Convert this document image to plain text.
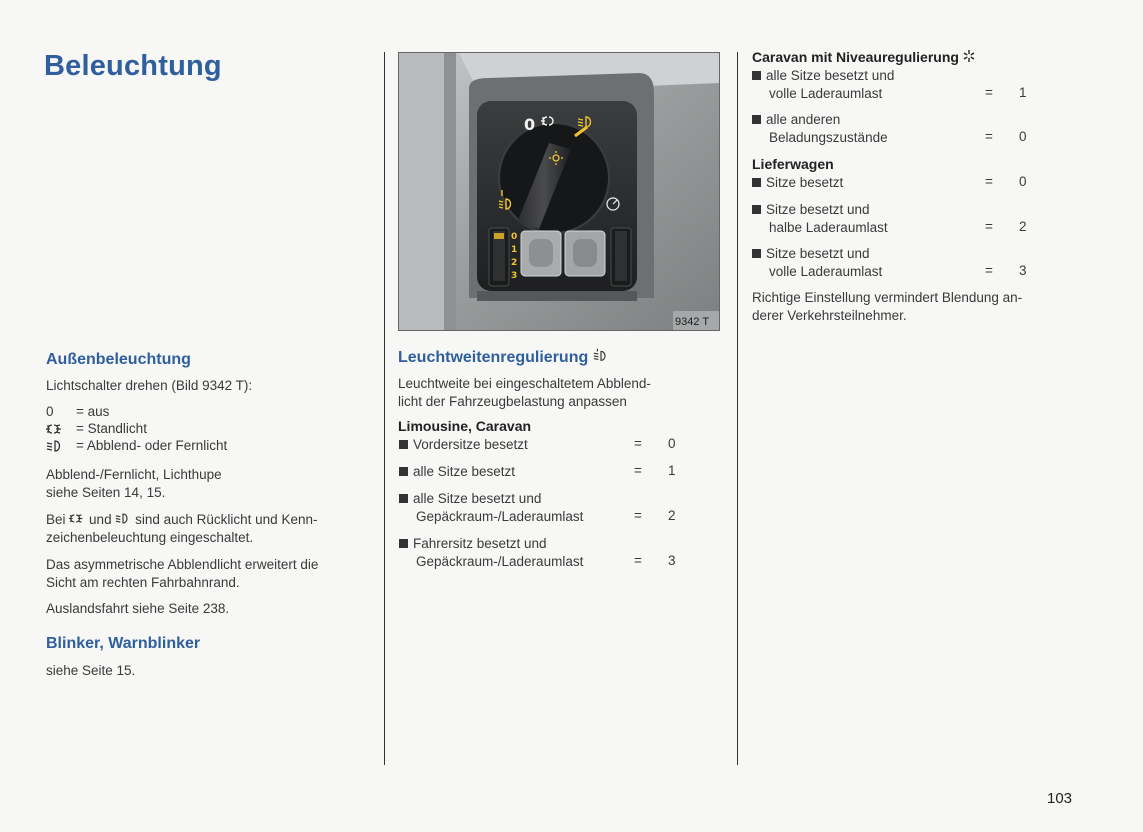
Beleuchtung
Außenbeleuchtung
Lichtschalter drehen (Bild 9342 T):
0 = aus
= Standlicht
= Abblend- oder Fernlicht

Abblend-/Fernlicht, Lichthupe

siehe Seiten 14, 15.

Bei und sind auch Rücklicht und Kenn-

zeichenbeleuchtung eingeschaltet.

Das asymmetrische Abblendlicht erweitert die

Sicht am rechten Fahrbahnrand.

Auslandsfahrt siehe Seite 238.
Blinker, Warnblinker
siehe Seite 15.
0
0
1
2
3
9342 T
Leuchtweitenregulierung

Leuchtweite bei eingeschaltetem Abblend-

licht der Fahrzeugbelastung anpassen

Limousine, Caravan
Vordersitze besetzt	= 0
alle Sitze besetzt	= 1
alle Sitze besetzt und
Gepäckraum-/Laderaumlast	= 2
Fahrersitz besetzt und
Gepäckraum-/Laderaumlast	= 3
Caravan mit Niveauregulierung
alle Sitze besetzt und
volle Laderaumlast	= 1
alle anderen
Beladungszustände	= 0
Lieferwagen
Sitze besetzt	= 0
Sitze besetzt und
halbe Laderaumlast	= 2
Sitze besetzt und
volle Laderaumlast	= 3

Richtige Einstellung vermindert Blendung an-

derer Verkehrsteilnehmer.

103
